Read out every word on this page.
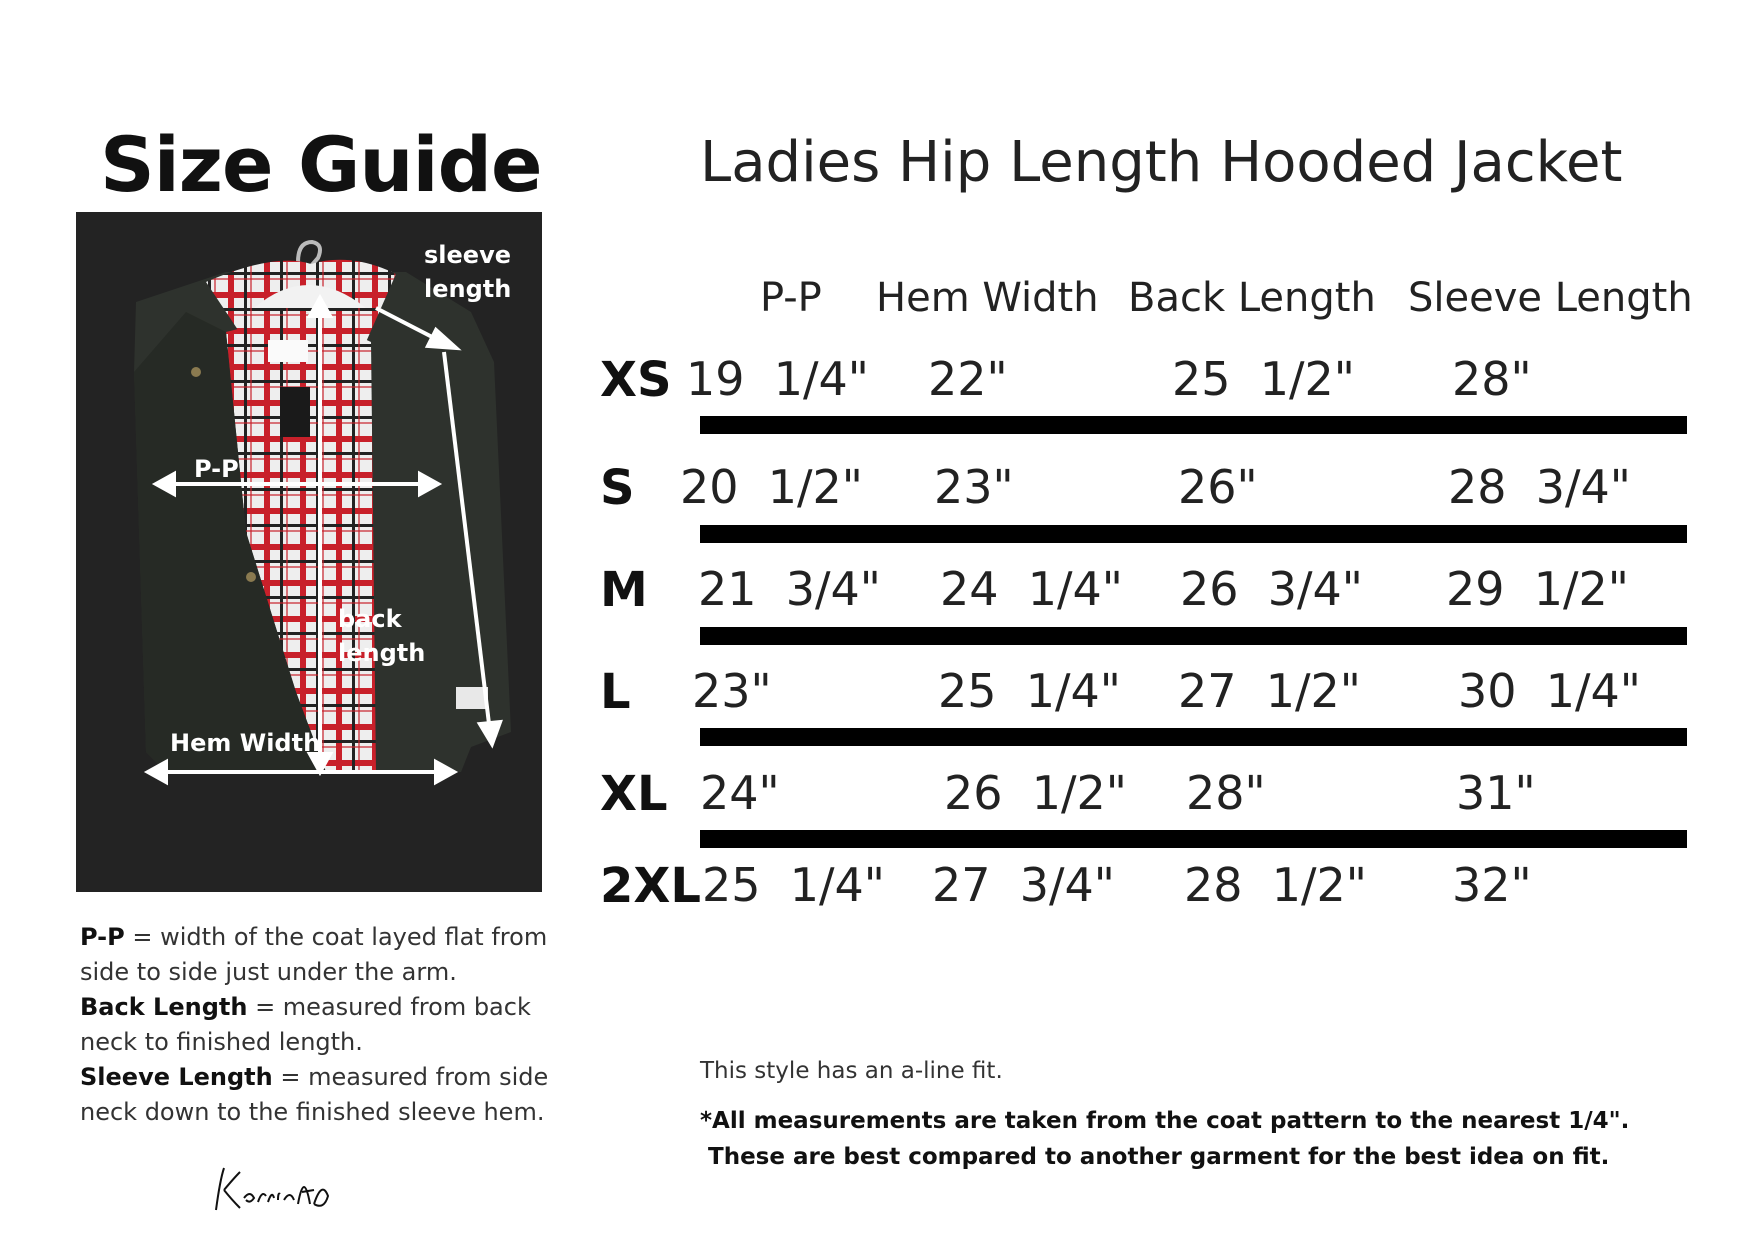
Size Guide
sleeve
length
P-P
back
length
Hem Width

P-P = width of the coat layed flat from side to side just under the arm.

Back Length = measured from back neck to finished length.

Sleeve Length = measured from side neck down to the finished sleeve hem.

Ladies Hip Length Hooded Jacket
P-P Hem Width Back Length Sleeve Length
XS 19  1/4" 22"	25  1/2" 28"
S 20  1/2" 23"	26"	28  3/4"
M 21  3/4" 24  1/4" 26  3/4" 29  1/2"
L 23"	25  1/4" 27  1/2" 30  1/4"
XL 24"	26  1/2" 28"	31"
2XL 25  1/4" 27  3/4" 28  1/2" 32"
This style has an a-line fit.
*All measurements are taken from the coat pattern to the nearest 1/4".
These are best compared to another garment for the best idea on fit.
